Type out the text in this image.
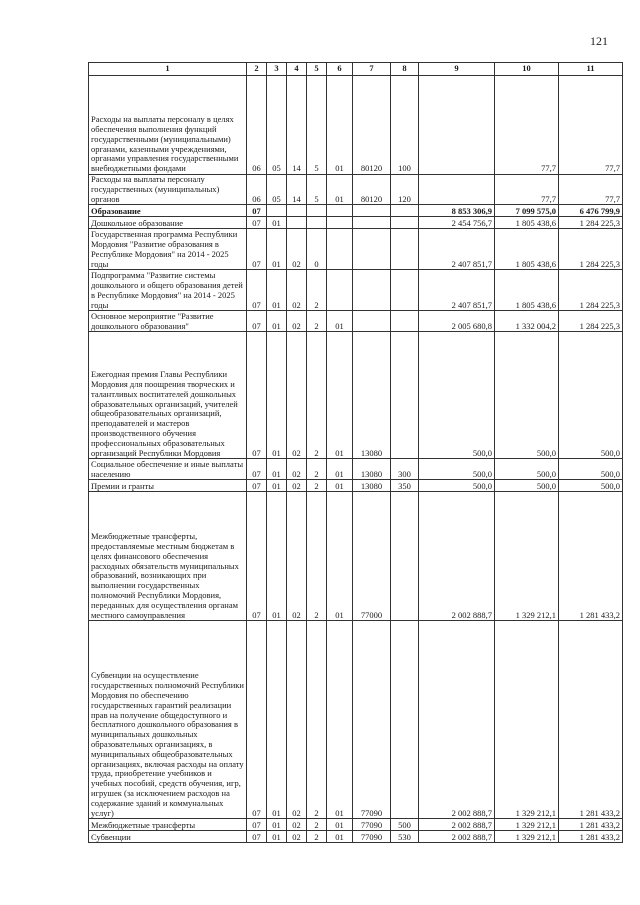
121
1	2	3	4	5	6	7	8	9	10	11
Расходы на выплаты персоналу в целях обеспечения выполнения функций государственными (муниципальными) органами, казенными учреждениями, органами управления государственными внебюджетными фондами	06	05	14	5	01	80120	100		77,7	77,7
Расходы на выплаты персоналу государственных (муниципальных) органов	06	05	14	5	01	80120	120		77,7	77,7
Образование	07							8 853 306,9	7 099 575,0	6 476 799,9
Дошкольное образование	07	01						2 454 756,7	1 805 438,6	1 284 225,3
Государственная программа Республики Мордовия "Развитие образования в Республике Мордовия" на 2014 - 2025 годы	07	01	02	0				2 407 851,7	1 805 438,6	1 284 225,3
Подпрограмма "Развитие системы дошкольного и общего образования детей в Республике Мордовия" на 2014 - 2025 годы	07	01	02	2				2 407 851,7	1 805 438,6	1 284 225,3
Основное мероприятие "Развитие дошкольного образования"	07	01	02	2	01			2 005 680,8	1 332 004,2	1 284 225,3
Ежегодная премия Главы Республики Мордовия для поощрения творческих и талантливых воспитателей дошкольных образовательных организаций, учителей общеобразовательных организаций, преподавателей и мастеров производственного обучения профессиональных образовательных организаций Республики Мордовия	07	01	02	2	01	13080		500,0	500,0	500,0
Социальное обеспечение и иные выплаты населению	07	01	02	2	01	13080	300	500,0	500,0	500,0
Премии и гранты	07	01	02	2	01	13080	350	500,0	500,0	500,0
Межбюджетные трансферты, предоставляемые местным бюджетам в целях финансового обеспечения расходных обязательств муниципальных образований, возникающих при выполнении государственных полномочий Республики Мордовия, переданных для осуществления органам местного самоуправления	07	01	02	2	01	77000		2 002 888,7	1 329 212,1	1 281 433,2
Субвенции на осуществление государственных полномочий Республики Мордовия по обеспечению государственных гарантий реализации прав на получение общедоступного и бесплатного дошкольного образования в муниципальных дошкольных образовательных организациях, в муниципальных общеобразовательных организациях, включая расходы на оплату труда, приобретение учебников и учебных пособий, средств обучения, игр, игрушек (за исключением расходов на содержание зданий и коммунальных услуг)	07	01	02	2	01	77090		2 002 888,7	1 329 212,1	1 281 433,2
Межбюджетные трансферты	07	01	02	2	01	77090	500	2 002 888,7	1 329 212,1	1 281 433,2
Субвенции	07	01	02	2	01	77090	530	2 002 888,7	1 329 212,1	1 281 433,2
